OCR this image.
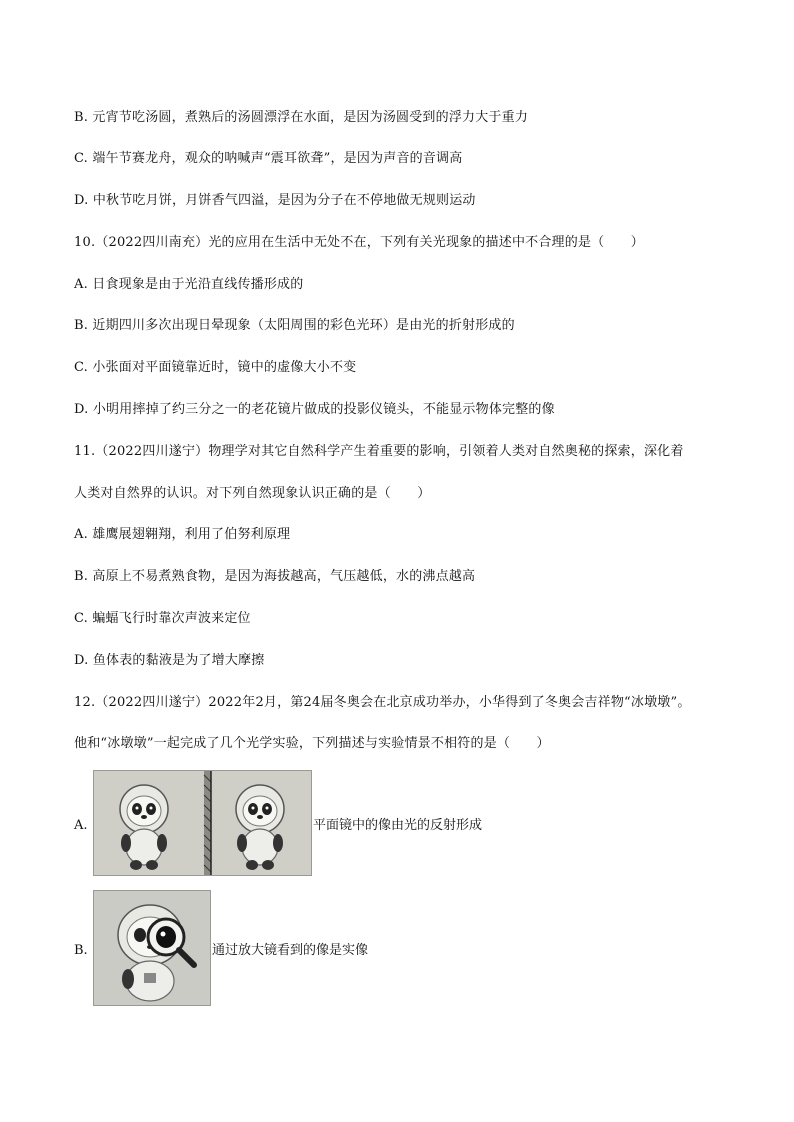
B. 元宵节吃汤圆，煮熟后的汤圆漂浮在水面，是因为汤圆受到的浮力大于重力
C. 端午节赛龙舟，观众的呐喊声“震耳欲聋”，是因为声音的音调高
D. 中秋节吃月饼，月饼香气四溢，是因为分子在不停地做无规则运动
10.（2022四川南充）光的应用在生活中无处不在，下列有关光现象的描述中不合理的是（　　）
A. 日食现象是由于光沿直线传播形成的
B. 近期四川多次出现日晕现象（太阳周围的彩色光环）是由光的折射形成的
C. 小张面对平面镜靠近时，镜中的虚像大小不变
D. 小明用摔掉了约三分之一的老花镜片做成的投影仪镜头，不能显示物体完整的像
11.（2022四川遂宁）物理学对其它自然科学产生着重要的影响，引领着人类对自然奥秘的探索，深化着
人类对自然界的认识。对下列自然现象认识正确的是（　　）
A. 雄鹰展翅翱翔，利用了伯努利原理
B. 高原上不易煮熟食物，是因为海拔越高，气压越低，水的沸点越高
C. 蝙蝠飞行时靠次声波来定位
D. 鱼体表的黏液是为了增大摩擦
12.（2022四川遂宁）2022年2月，第24届冬奥会在北京成功举办，小华得到了冬奥会吉祥物“冰墩墩”。
他和“冰墩墩”一起完成了几个光学实验，下列描述与实验情景不相符的是（　　）
A.	平面镜中的像由光的反射形成
B.	通过放大镜看到的像是实像
